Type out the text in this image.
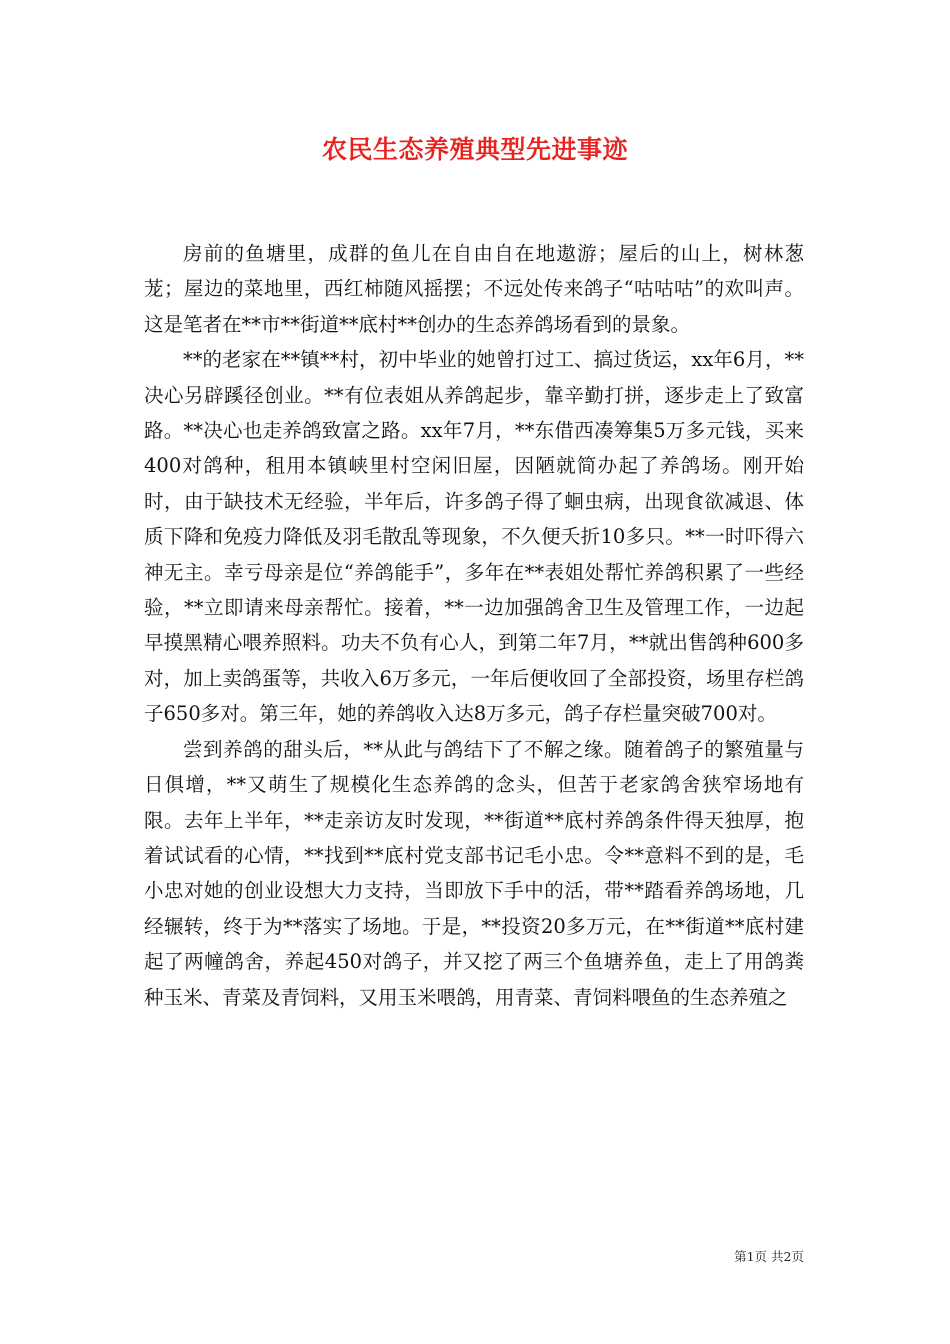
农民生态养殖典型先进事迹

房前的鱼塘里，成群的鱼儿在自由自在地遨游；屋后的山上，树林葱茏；屋边的菜地里，西红柿随风摇摆；不远处传来鸽子“咕咕咕”的欢叫声。这是笔者在**市**街道**底村**创办的生态养鸽场看到的景象。

**的老家在**镇**村，初中毕业的她曾打过工、搞过货运，xx年6月，**决心另辟蹊径创业。**有位表姐从养鸽起步，靠辛勤打拼，逐步走上了致富路。**决心也走养鸽致富之路。xx年7月，**东借西凑筹集5万多元钱，买来400对鸽种，租用本镇峡里村空闲旧屋，因陋就简办起了养鸽场。刚开始时，由于缺技术无经验，半年后，许多鸽子得了蛔虫病，出现食欲减退、体质下降和免疫力降低及羽毛散乱等现象，不久便夭折10多只。**一时吓得六神无主。幸亏母亲是位“养鸽能手”，多年在**表姐处帮忙养鸽积累了一些经验，**立即请来母亲帮忙。接着，**一边加强鸽舍卫生及管理工作，一边起早摸黑精心喂养照料。功夫不负有心人，到第二年7月，**就出售鸽种600多对，加上卖鸽蛋等，共收入6万多元，一年后便收回了全部投资，场里存栏鸽子650多对。第三年，她的养鸽收入达8万多元，鸽子存栏量突破700对。

尝到养鸽的甜头后，**从此与鸽结下了不解之缘。随着鸽子的繁殖量与日俱增，**又萌生了规模化生态养鸽的念头，但苦于老家鸽舍狭窄场地有限。去年上半年，**走亲访友时发现，**街道**底村养鸽条件得天独厚，抱着试试看的心情，**找到**底村党支部书记毛小忠。令**意料不到的是，毛小忠对她的创业设想大力支持，当即放下手中的活，带**踏看养鸽场地，几经辗转，终于为**落实了场地。于是，**投资20多万元，在**街道**底村建起了两幢鸽舍，养起450对鸽子，并又挖了两三个鱼塘养鱼，走上了用鸽粪种玉米、青菜及青饲料，又用玉米喂鸽，用青菜、青饲料喂鱼的生态养殖之

第1页 共2页
